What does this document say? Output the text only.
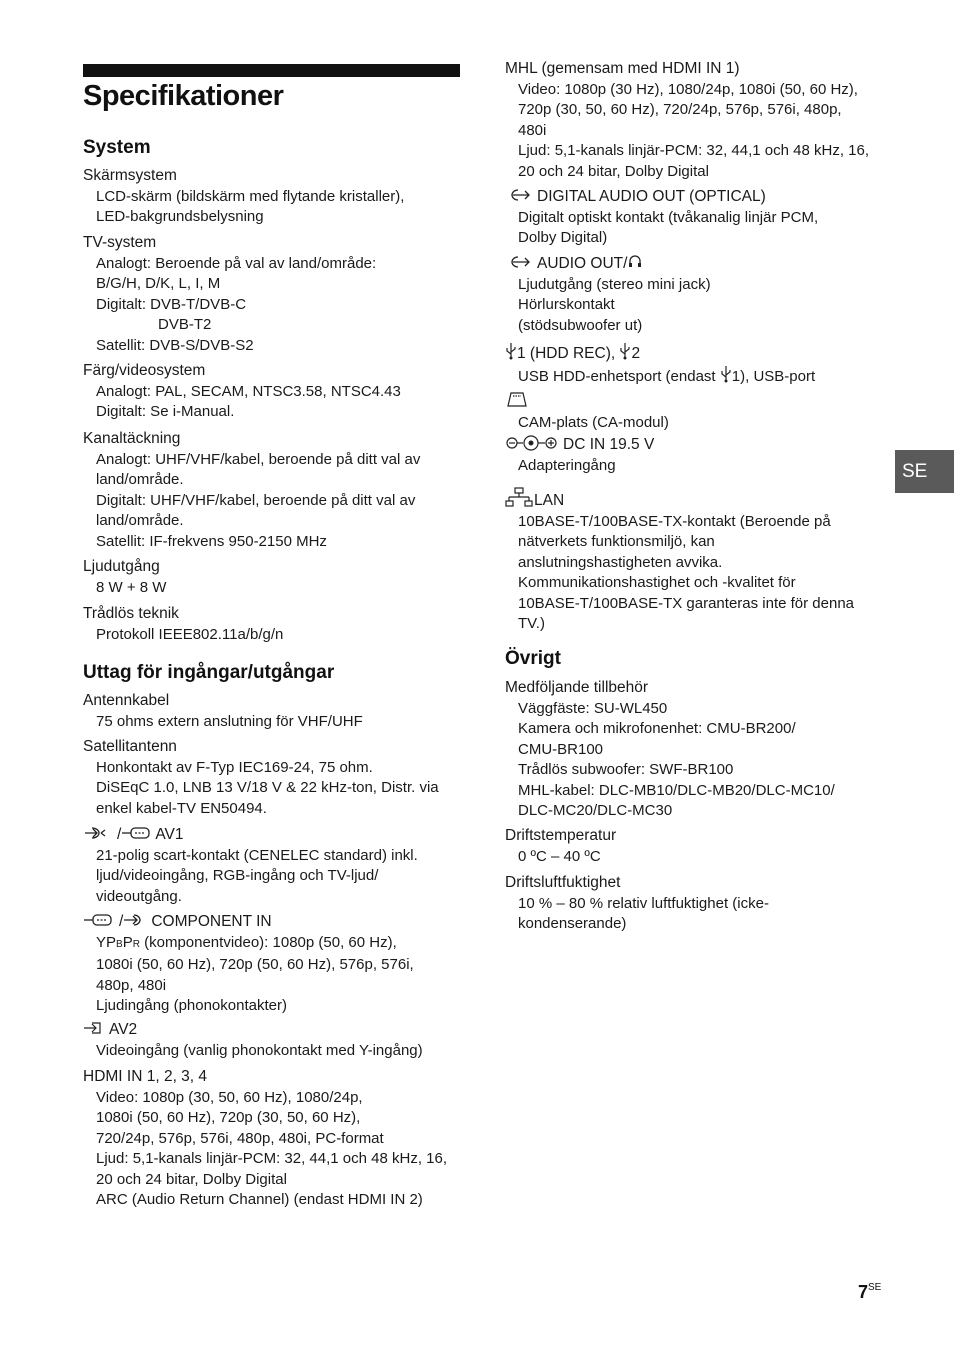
Specifikationer
System
Skärmsystem
LCD-skärm (bildskärm med flytande kristaller),
LED-bakgrundsbelysning
TV-system
Analogt: Beroende på val av land/område:
B/G/H, D/K, L, I, M
Digitalt: DVB-T/DVB-C
DVB-T2
Satellit: DVB-S/DVB-S2
Färg/videosystem
Analogt: PAL, SECAM, NTSC3.58, NTSC4.43
Digitalt: Se i-Manual.
Kanaltäckning
Analogt: UHF/VHF/kabel, beroende på ditt val av
land/område.
Digitalt: UHF/VHF/kabel, beroende på ditt val av
land/område.
Satellit: IF-frekvens 950-2150 MHz
Ljudutgång
8 W + 8 W
Trådlös teknik
Protokoll IEEE802.11a/b/g/n
Uttag för ingångar/utgångar
Antennkabel
75 ohms extern anslutning för VHF/UHF
Satellitantenn
Honkontakt av F-Typ IEC169-24, 75 ohm.
DiSEqC 1.0, LNB 13 V/18 V & 22 kHz-ton, Distr. via
enkel kabel-TV EN50494.
/ AV1
21-polig scart-kontakt (CENELEC standard) inkl.
ljud/videoingång, RGB-ingång och TV-ljud/
videoutgång.
/ COMPONENT IN
YPBPR (komponentvideo): 1080p (50, 60 Hz),
1080i (50, 60 Hz), 720p (50, 60 Hz), 576p, 576i,
480p, 480i
Ljudingång (phonokontakter)
AV2
Videoingång (vanlig phonokontakt med Y-ingång)
HDMI IN 1, 2, 3, 4
Video: 1080p (30, 50, 60 Hz), 1080/24p,
1080i (50, 60 Hz), 720p (30, 50, 60 Hz),
720/24p, 576p, 576i, 480p, 480i, PC-format
Ljud: 5,1-kanals linjär-PCM: 32, 44,1 och 48 kHz, 16,
20 och 24 bitar, Dolby Digital
ARC (Audio Return Channel) (endast HDMI IN 2)
MHL (gemensam med HDMI IN 1)
Video: 1080p (30 Hz), 1080/24p, 1080i (50, 60 Hz),
720p (30, 50, 60 Hz), 720/24p, 576p, 576i, 480p,
480i
Ljud: 5,1-kanals linjär-PCM: 32, 44,1 och 48 kHz, 16,
20 och 24 bitar, Dolby Digital
DIGITAL AUDIO OUT (OPTICAL)
Digitalt optiskt kontakt (tvåkanalig linjär PCM,
Dolby Digital)
AUDIO OUT/
Ljudutgång (stereo mini jack)
Hörlurskontakt
(stödsubwoofer ut)
1 (HDD REC),
2
USB HDD-enhetsport (endast
1), USB-port
CAM-plats (CA-modul)
DC IN 19.5 V
Adapteringång
LAN
10BASE-T/100BASE-TX-kontakt (Beroende på
nätverkets funktionsmiljö, kan
anslutningshastigheten avvika.
Kommunikationshastighet och -kvalitet för
10BASE-T/100BASE-TX garanteras inte för denna
TV.)
Övrigt
Medföljande tillbehör
Väggfäste: SU-WL450
Kamera och mikrofonenhet: CMU-BR200/
CMU-BR100
Trådlös subwoofer: SWF-BR100
MHL-kabel: DLC-MB10/DLC-MB20/DLC-MC10/
DLC-MC20/DLC-MC30
Driftstemperatur
0 ºC – 40 ºC
Driftsluftfuktighet
10 % – 80 % relativ luftfuktighet (icke-
kondenserande)
SE
$7^{SE}$
